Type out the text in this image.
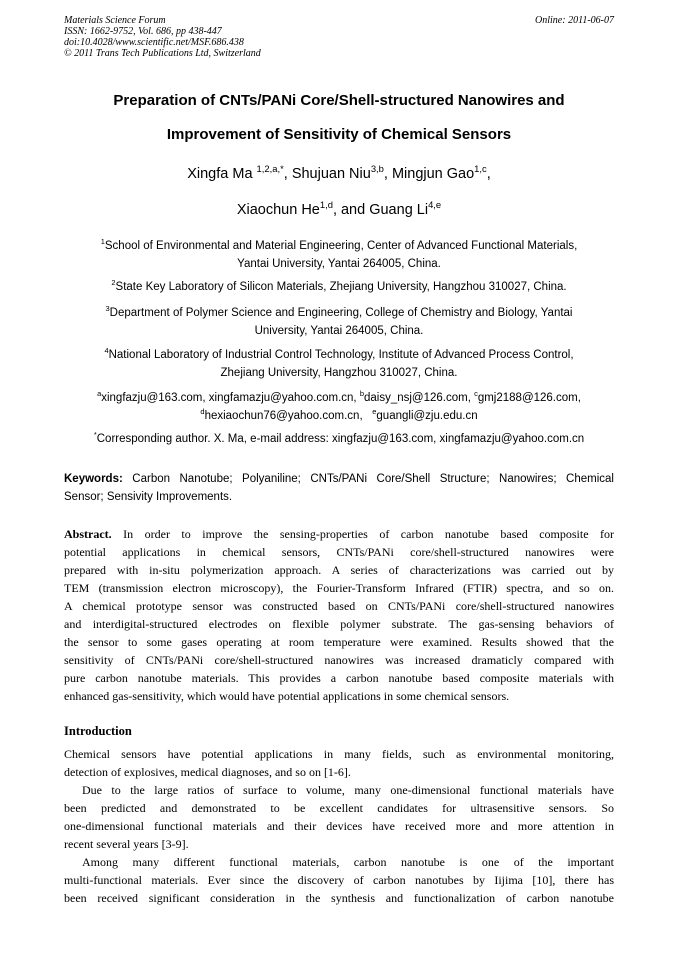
Materials Science Forum
ISSN: 1662-9752, Vol. 686, pp 438-447
doi:10.4028/www.scientific.net/MSF.686.438
© 2011 Trans Tech Publications Ltd, Switzerland
Online: 2011-06-07
Preparation of CNTs/PANi Core/Shell-structured Nanowires and
Improvement of Sensitivity of Chemical Sensors
Xingfa Ma $^{1,2,a,*}$, Shujuan Niu$^{3,b}$, Mingjun Gao$^{1,c}$,
Xiaochun He$^{1,d}$, and Guang Li$^{4,e}$
$^1$School of Environmental and Material Engineering, Center of Advanced Functional Materials,
Yantai University, Yantai 264005, China.
$^2$State Key Laboratory of Silicon Materials, Zhejiang University, Hangzhou 310027, China.
$^3$Department of Polymer Science and Engineering, College of Chemistry and Biology, Yantai
University, Yantai 264005, China.
$^4$National Laboratory of Industrial Control Technology, Institute of Advanced Process Control,
Zhejiang University, Hangzhou 310027, China.
$^a$xingfazju@163.com, xingfamazju@yahoo.com.cn, $^b$daisy_nsj@126.com, $^c$gmj2188@126.com,
$^d$hexiaochun76@yahoo.com.cn, $^e$guangli@zju.edu.cn
*Corresponding author. X. Ma, e-mail address: xingfazju@163.com, xingfamazju@yahoo.com.cn
Keywords: Carbon Nanotube; Polyaniline; CNTs/PANi Core/Shell Structure; Nanowires; Chemical
Sensor; Sensivity Improvements.
Abstract. In order to improve the sensing-properties of carbon nanotube based composite for
potential applications in chemical sensors, CNTs/PANi core/shell-structured nanowires were
prepared with in-situ polymerization approach. A series of characterizations was carried out by
TEM (transmission electron microscopy), the Fourier-Transform Infrared (FTIR) spectra, and so on.
A chemical prototype sensor was constructed based on CNTs/PANi core/shell-structured nanowires
and interdigital-structured electrodes on flexible polymer substrate. The gas-sensing behaviors of
the sensor to some gases operating at room temperature were examined. Results showed that the
sensitivity of CNTs/PANi core/shell-structured nanowires was increased dramaticly compared with
pure carbon nanotube materials. This provides a carbon nanotube based composite materials with
enhanced gas-sensitivity, which would have potential applications in some chemical sensors.
Introduction
Chemical sensors have potential applications in many fields, such as environmental monitoring,
detection of explosives, medical diagnoses, and so on [1-6].
Due to the large ratios of surface to volume, many one-dimensional functional materials have
been predicted and demonstrated to be excellent candidates for ultrasensitive sensors. So
one-dimensional functional materials and their devices have received more and more attention in
recent several years [3-9].
Among many different functional materials, carbon nanotube is one of the important
multi-functional materials. Ever since the discovery of carbon nanotubes by Iijima [10], there has
been received significant consideration in the synthesis and functionalization of carbon nanotube
